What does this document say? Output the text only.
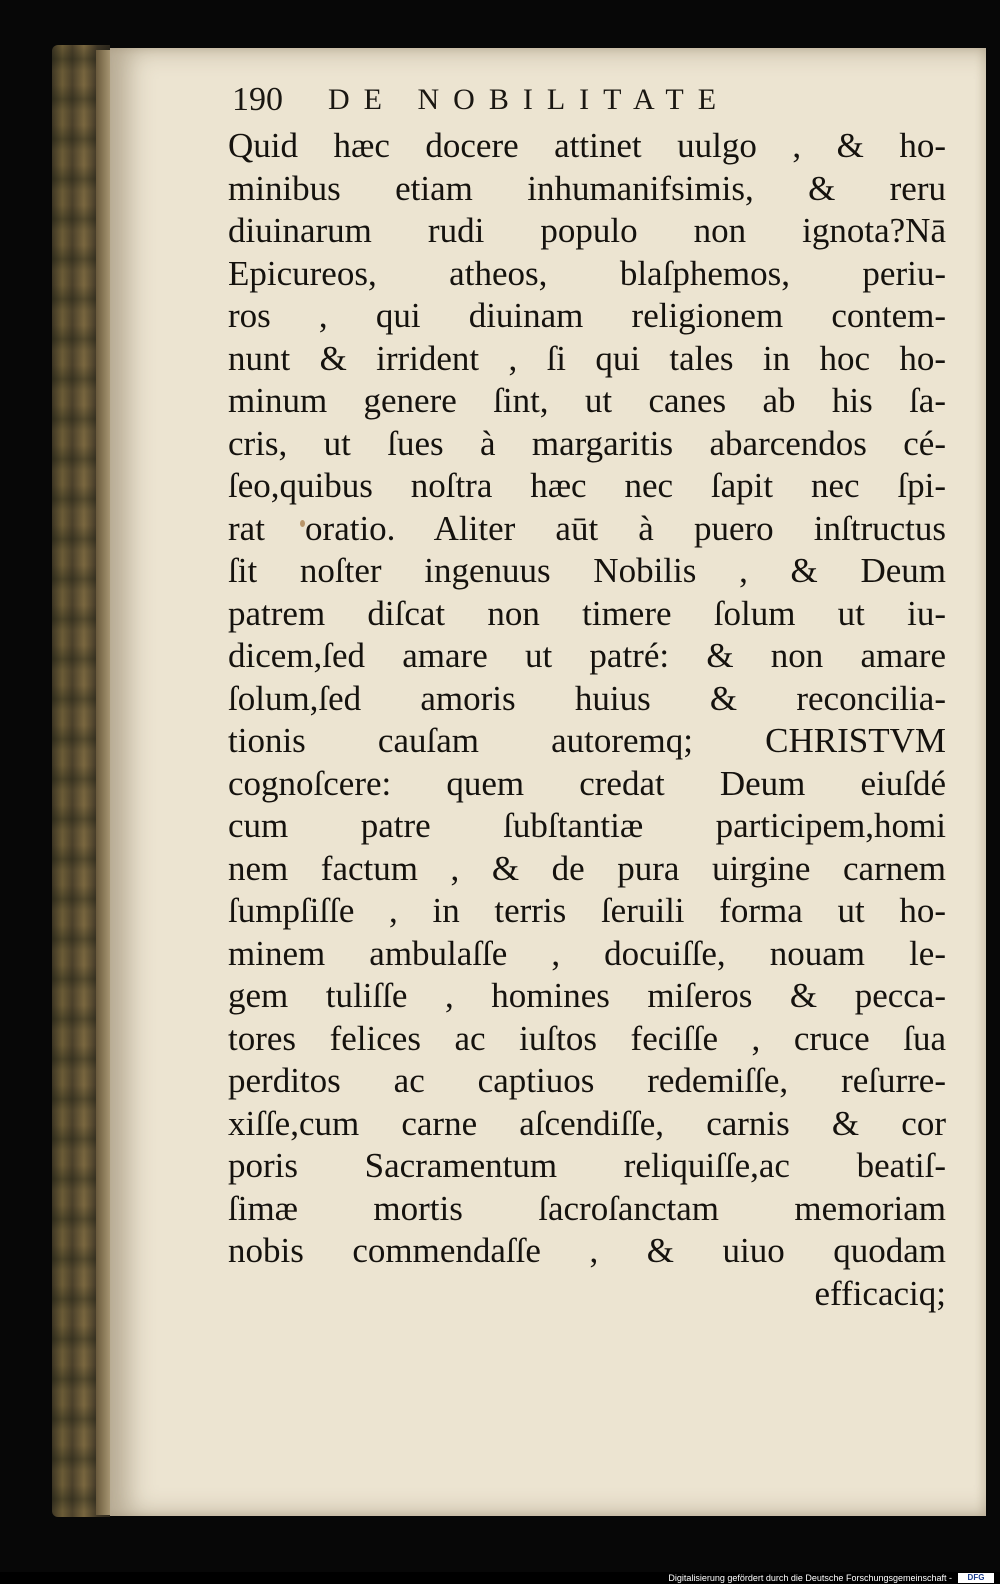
190 DE NOBILITATE
Quid hæc docere attinet uulgo , & ho-
minibus etiam inhumanifsimis, & reru
diuinarum rudi populo non ignota?Nā
Epicureos, atheos, blaſphemos, periu-
ros , qui diuinam religionem contem-
nunt & irrident , ſi qui tales in hoc ho-
minum genere ſint, ut canes ab his ſa-
cris, ut ſues à margaritis abarcendos cé-
ſeo,quibus noſtra hæc nec ſapit nec ſpi-
rat oratio. Aliter aūt à puero inſtructus
ſit noſter ingenuus Nobilis , & Deum
patrem diſcat non timere ſolum ut iu-
dicem,ſed amare ut patré: & non amare
ſolum,ſed amoris huius & reconcilia-
tionis cauſam autoremq; CHRISTVM
cognoſcere: quem credat Deum eiuſdé
cum patre ſubſtantiæ participem,homi
nem factum , & de pura uirgine carnem
ſumpſiſſe , in terris ſeruili forma ut ho-
minem ambulaſſe , docuiſſe, nouam le-
gem tuliſſe , homines miſeros & pecca-
tores felices ac iuſtos feciſſe , cruce ſua
perditos ac captiuos redemiſſe, reſurre-
xiſſe,cum carne aſcendiſſe, carnis & cor
poris Sacramentum reliquiſſe,ac beatiſ-
ſimæ mortis ſacroſanctam memoriam
nobis commendaſſe , & uiuo quodam
efficaciq;
Digitalisierung gefördert durch die Deutsche Forschungsgemeinschaft -	DFG
